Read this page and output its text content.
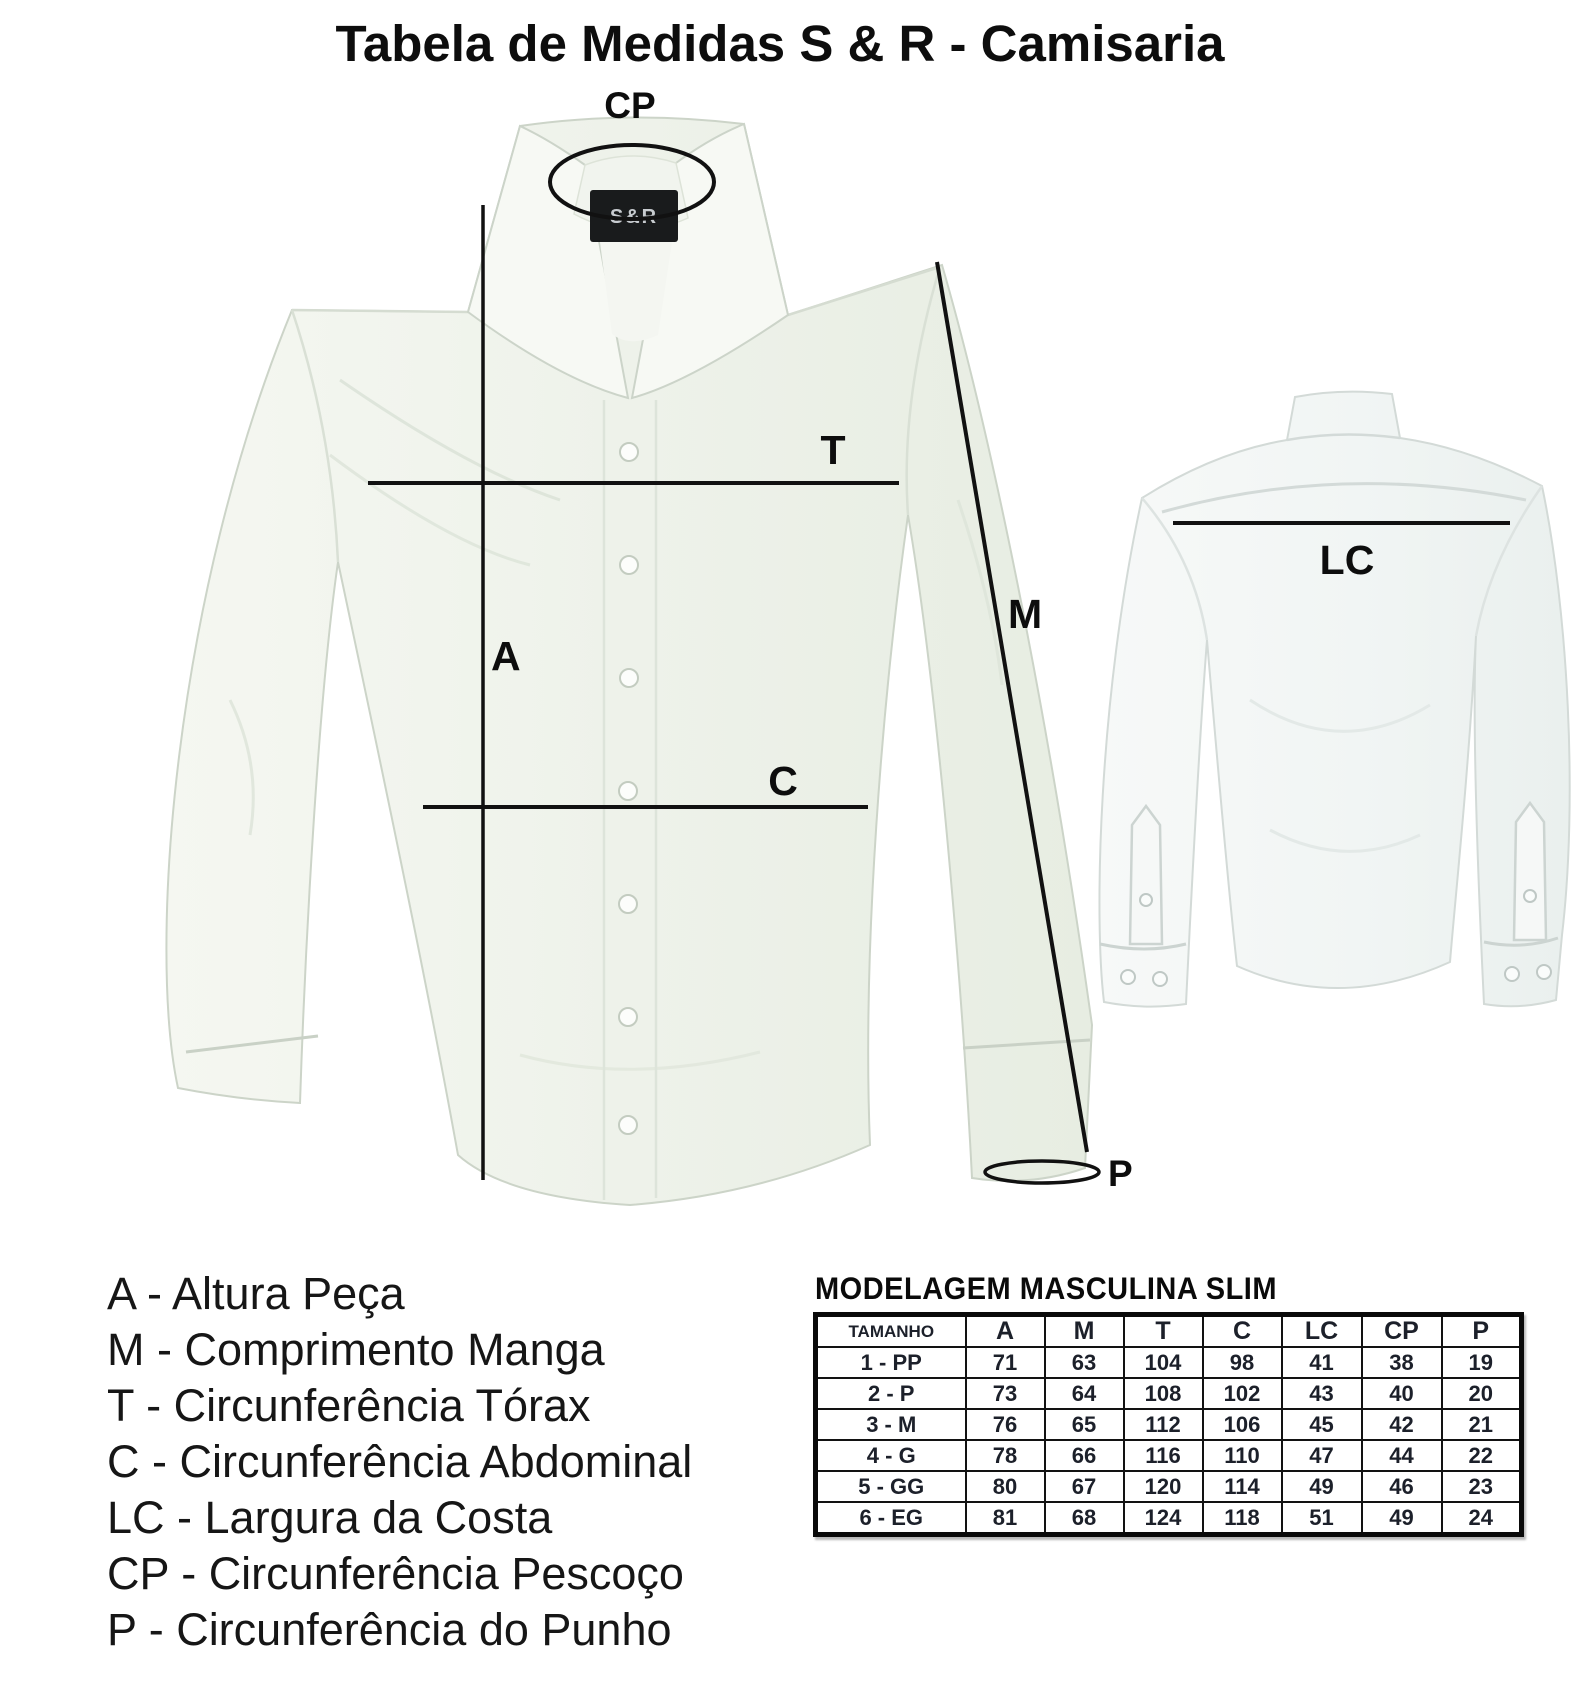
Tabela de Medidas S & R - Camisaria
S&R
CP
T
A
C
M
P
LC
A - Altura Peça
M - Comprimento Manga
T - Circunferência Tórax
C - Circunferência Abdominal
LC - Largura da Costa
CP - Circunferência Pescoço
P - Circunferência do Punho
MODELAGEM MASCULINA SLIM
TAMANHO	A	M	T	C	LC	CP	P
1 - PP	71	63	104	98	41	38	19
2 - P	73	64	108	102	43	40	20
3 - M	76	65	112	106	45	42	21
4 - G	78	66	116	110	47	44	22
5 - GG	80	67	120	114	49	46	23
6 - EG	81	68	124	118	51	49	24
